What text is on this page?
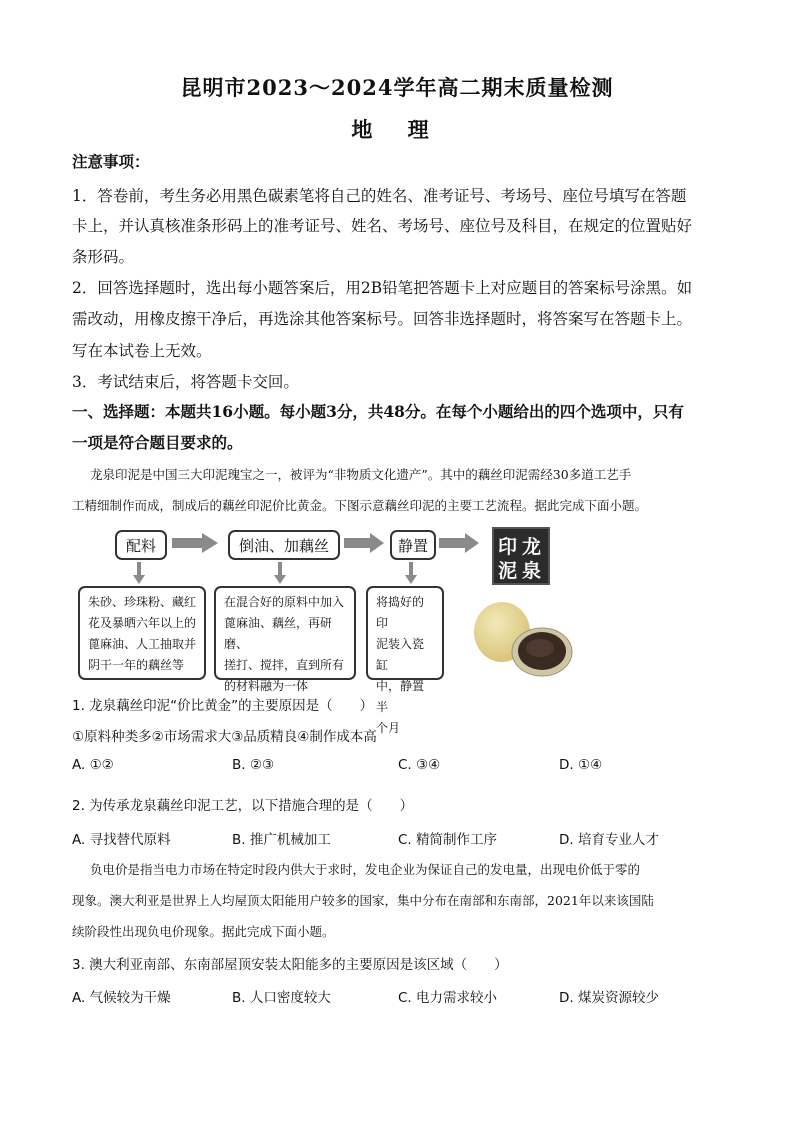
昆明市2023～2024学年高二期末质量检测
地 理
注意事项：
1．答卷前，考生务必用黑色碳素笔将自己的姓名、准考证号、考场号、座位号填写在答题
卡上，并认真核准条形码上的准考证号、姓名、考场号、座位号及科目，在规定的位置贴好
条形码。
2．回答选择题时，选出每小题答案后，用2B铅笔把答题卡上对应题目的答案标号涂黑。如
需改动，用橡皮擦干净后，再选涂其他答案标号。回答非选择题时，将答案写在答题卡上。
写在本试卷上无效。
3．考试结束后，将答题卡交回。
一、选择题：本题共16小题。每小题3分，共48分。在每个小题给出的四个选项中，只有
一项是符合题目要求的。
龙泉印泥是中国三大印泥瑰宝之一，被评为“非物质文化遗产”。其中的藕丝印泥需经30多道工艺手
工精细制作而成，制成后的藕丝印泥价比黄金。下图示意藕丝印泥的主要工艺流程。据此完成下面小题。
配料	倒油、加藕丝	静置
朱砂、珍珠粉、藏红
花及暴晒六年以上的
蓖麻油、人工抽取并
阴干一年的藕丝等
在混合好的原料中加入
蓖麻油、藕丝，再研磨、
搓打、搅拌，直到所有
的材料融为一体
将捣好的印
泥装入瓷缸
中，静置半
个月
印 龙
泥 泉
1. 龙泉藕丝印泥“价比黄金”的主要原因是（　　）
①原料种类多②市场需求大③品质精良④制作成本高
A. ①②	B. ②③	C. ③④	D. ①④
2. 为传承龙泉藕丝印泥工艺，以下措施合理的是（　　）
A. 寻找替代原料	B. 推广机械加工	C. 精简制作工序	D. 培育专业人才
负电价是指当电力市场在特定时段内供大于求时，发电企业为保证自己的发电量，出现电价低于零的
现象。澳大利亚是世界上人均屋顶太阳能用户较多的国家，集中分布在南部和东南部，2021年以来该国陆
续阶段性出现负电价现象。据此完成下面小题。
3. 澳大利亚南部、东南部屋顶安装太阳能多的主要原因是该区域（　　）
A. 气候较为干燥	B. 人口密度较大	C. 电力需求较小	D. 煤炭资源较少
